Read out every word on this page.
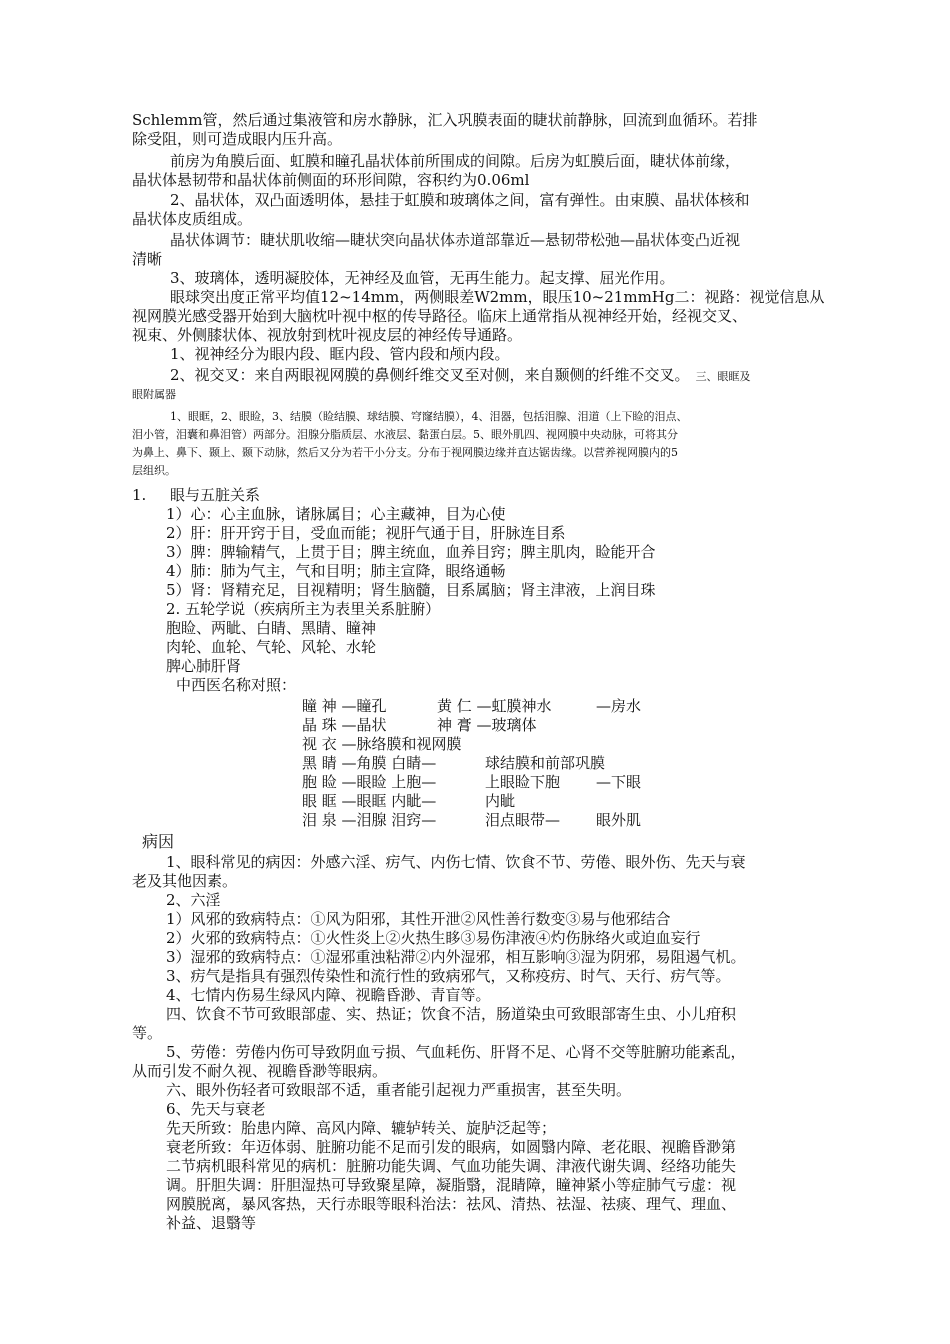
Schlemm管，然后通过集液管和房水静脉，汇入巩膜表面的睫状前静脉，回流到血循环。若排
除受阻，则可造成眼内压升高。
前房为角膜后面、虹膜和瞳孔晶状体前所围成的间隙。后房为虹膜后面，睫状体前缘，
晶状体悬韧带和晶状体前侧面的环形间隙，容积约为0.06ml
2、晶状体，双凸面透明体，悬挂于虹膜和玻璃体之间，富有弹性。由束膜、晶状体核和
晶状体皮质组成。
晶状体调节：睫状肌收缩—睫状突向晶状体赤道部靠近—悬韧带松弛—晶状体变凸近视
清晰
3、玻璃体，透明凝胶体，无神经及血管，无再生能力。起支撑、屈光作用。
眼球突出度正常平均值12~14mm，两侧眼差W2mm，眼压10~21mmHg二：视路：视觉信息从
视网膜光感受器开始到大脑枕叶视中枢的传导路径。临床上通常指从视神经开始，经视交叉、
视束、外侧膝状体、视放射到枕叶视皮层的神经传导通路。
1、视神经分为眼内段、眶内段、管内段和颅内段。
2、视交叉：来自两眼视网膜的鼻侧纤维交叉至对侧，来自颞侧的纤维不交叉。 三、眼眶及
眼附属器
1、眼眶，2、眼睑，3、结膜（睑结膜、球结膜、穹窿结膜），4、泪器，包括泪腺、泪道（上下睑的泪点、
泪小管，泪囊和鼻泪管）两部分。泪腺分脂质层、水液层、黏蛋白层。5、眼外肌四、视网膜中央动脉，可将其分
为鼻上、鼻下、颞上、颞下动脉，然后又分为若干小分支。分布于视网膜边缘并直达锯齿缘。以营养视网膜内的5
层组织。
1. 眼与五脏关系
1）心：心主血脉，诸脉属目；心主藏神，目为心使
2）肝：肝开窍于目，受血而能；视肝气通于目，肝脉连目系
3）脾：脾输精气，上贯于目；脾主统血，血养目窍；脾主肌肉，睑能开合
4）肺：肺为气主，气和目明；肺主宣降，眼络通畅
5）肾：肾精充足，目视精明；肾生脑髓，目系属脑；肾主津液，上润目珠
2. 五轮学说（疾病所主为表里关系脏腑）
胞睑、两眦、白睛、黑睛、瞳神
肉轮、血轮、气轮、风轮、水轮
脾心肺肝肾
中西医名称对照：
瞳 神 —瞳孔	黄 仁 —虹膜神水	—房水
晶 珠 —晶状	神 膏 —玻璃体
视 衣 —脉络膜和视网膜
黑 睛 —角膜 白睛—	球结膜和前部巩膜
胞 睑 —眼睑 上胞—	上眼睑下胞 —下眼
眼 眶 —眼眶 内眦—	内眦
泪 泉 —泪腺 泪窍—	泪点眼带— 眼外肌
病因
1、眼科常见的病因：外感六淫、疠气、内伤七情、饮食不节、劳倦、眼外伤、先天与衰
老及其他因素。
2、六淫
1）风邪的致病特点：①风为阳邪，其性开泄②风性善行数变③易与他邪结合
2）火邪的致病特点：①火性炎上②火热生眵③易伤津液④灼伤脉络火或迫血妄行
3）湿邪的致病特点：①湿邪重浊粘滞②内外湿邪，相互影响③湿为阴邪，易阻遏气机。
3、疠气是指具有强烈传染性和流行性的致病邪气，又称疫疠、时气、天行、疠气等。
4、七情内伤易生绿风内障、视瞻昏渺、青盲等。
四、饮食不节可致眼部虚、实、热证；饮食不洁，肠道染虫可致眼部寄生虫、小儿疳积
等。
5、劳倦：劳倦内伤可导致阴血亏损、气血耗伤、肝肾不足、心肾不交等脏腑功能紊乱，
从而引发不耐久视、视瞻昏渺等眼病。
六、眼外伤轻者可致眼部不适，重者能引起视力严重损害，甚至失明。
6、先天与衰老
先天所致：胎患内障、高风内障、辘轳转关、旋胪泛起等；
衰老所致：年迈体弱、脏腑功能不足而引发的眼病，如圆翳内障、老花眼、视瞻昏渺第
二节病机眼科常见的病机：脏腑功能失调、气血功能失调、津液代谢失调、经络功能失
调。肝胆失调：肝胆湿热可导致聚星障，凝脂翳，混睛障，瞳神紧小等症肺气亏虚：视
网膜脱离，暴风客热，天行赤眼等眼科治法：祛风、清热、祛湿、祛痰、理气、理血、
补益、退翳等
